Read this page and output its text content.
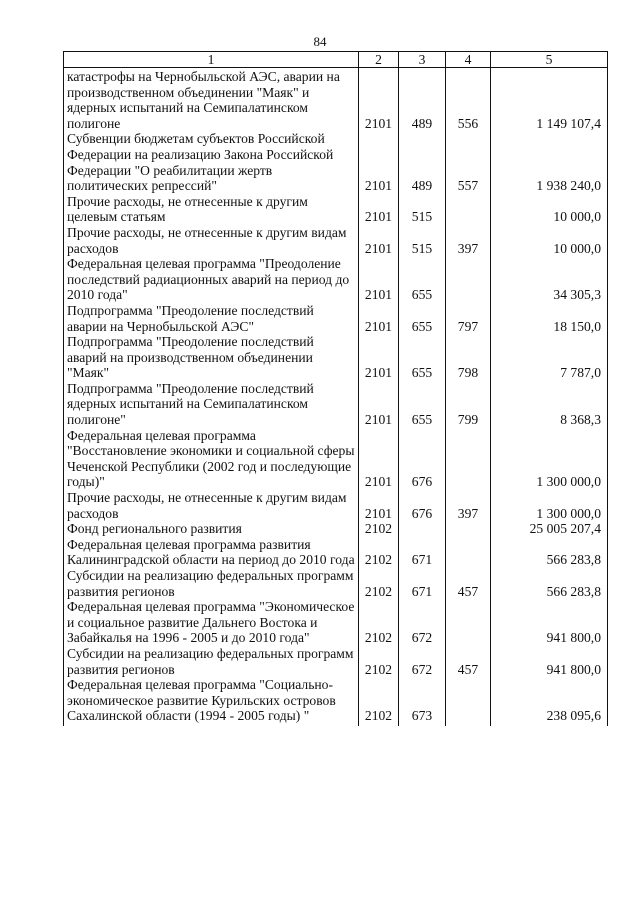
84
1	2	3	4	5
катастрофы на Чернобыльской АЭС, аварии на производственном объединении "Маяк" и ядерных испытаний на Семипалатинском полигоне	2101	489	556	1 149 107,4
Субвенции бюджетам субъектов Российской Федерации на реализацию Закона Российской Федерации "О реабилитации жертв политических репрессий"	2101	489	557	1 938 240,0
Прочие расходы, не отнесенные к другим целевым статьям	2101	515		10 000,0
Прочие расходы, не отнесенные к другим видам расходов	2101	515	397	10 000,0
Федеральная целевая программа "Преодоление последствий радиационных аварий на период до 2010 года"	2101	655		34 305,3
Подпрограмма "Преодоление последствий аварии на Чернобыльской АЭС"	2101	655	797	18 150,0
Подпрограмма "Преодоление последствий аварий на производственном объединении "Маяк"	2101	655	798	7 787,0
Подпрограмма "Преодоление последствий ядерных испытаний на Семипалатинском полигоне"	2101	655	799	8 368,3
Федеральная целевая программа "Восстановление экономики и социальной сферы Чеченской Республики (2002 год и последующие годы)"	2101	676		1 300 000,0
Прочие расходы, не отнесенные к другим видам расходов	2101	676	397	1 300 000,0
Фонд регионального развития	2102			25 005 207,4
Федеральная целевая программа развития Калининградской области на период до 2010 года	2102	671		566 283,8
Субсидии на реализацию федеральных программ развития регионов	2102	671	457	566 283,8
Федеральная целевая программа "Экономическое и социальное развитие Дальнего Востока и Забайкалья на 1996 - 2005 и до 2010 года"	2102	672		941 800,0
Субсидии на реализацию федеральных программ развития регионов	2102	672	457	941 800,0
Федеральная целевая программа "Социально-экономическое развитие Курильских островов Сахалинской области (1994 - 2005 годы) "	2102	673		238 095,6
